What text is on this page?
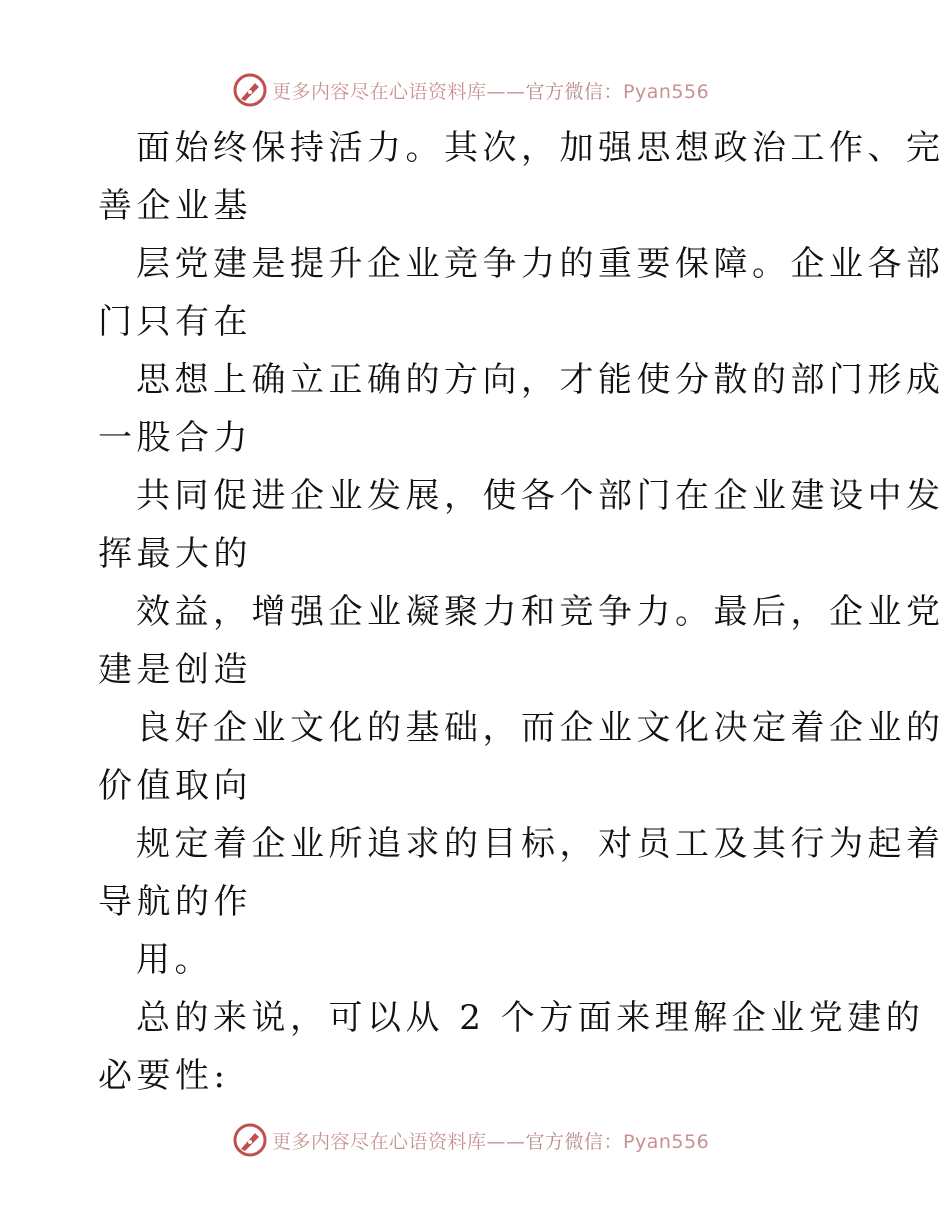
更多内容尽在心语资料库——官方微信：Pyan556
面始终保持活力。其次，加强思想政治工作、完
善企业基
层党建是提升企业竞争力的重要保障。企业各部
门只有在
思想上确立正确的方向，才能使分散的部门形成
一股合力
共同促进企业发展，使各个部门在企业建设中发
挥最大的
效益，增强企业凝聚力和竞争力。最后，企业党
建是创造
良好企业文化的基础，而企业文化决定着企业的
价值取向
规定着企业所追求的目标，对员工及其行为起着
导航的作
用。
总的来说，可以从 2 个方面来理解企业党建的
必要性:
更多内容尽在心语资料库——官方微信：Pyan556
